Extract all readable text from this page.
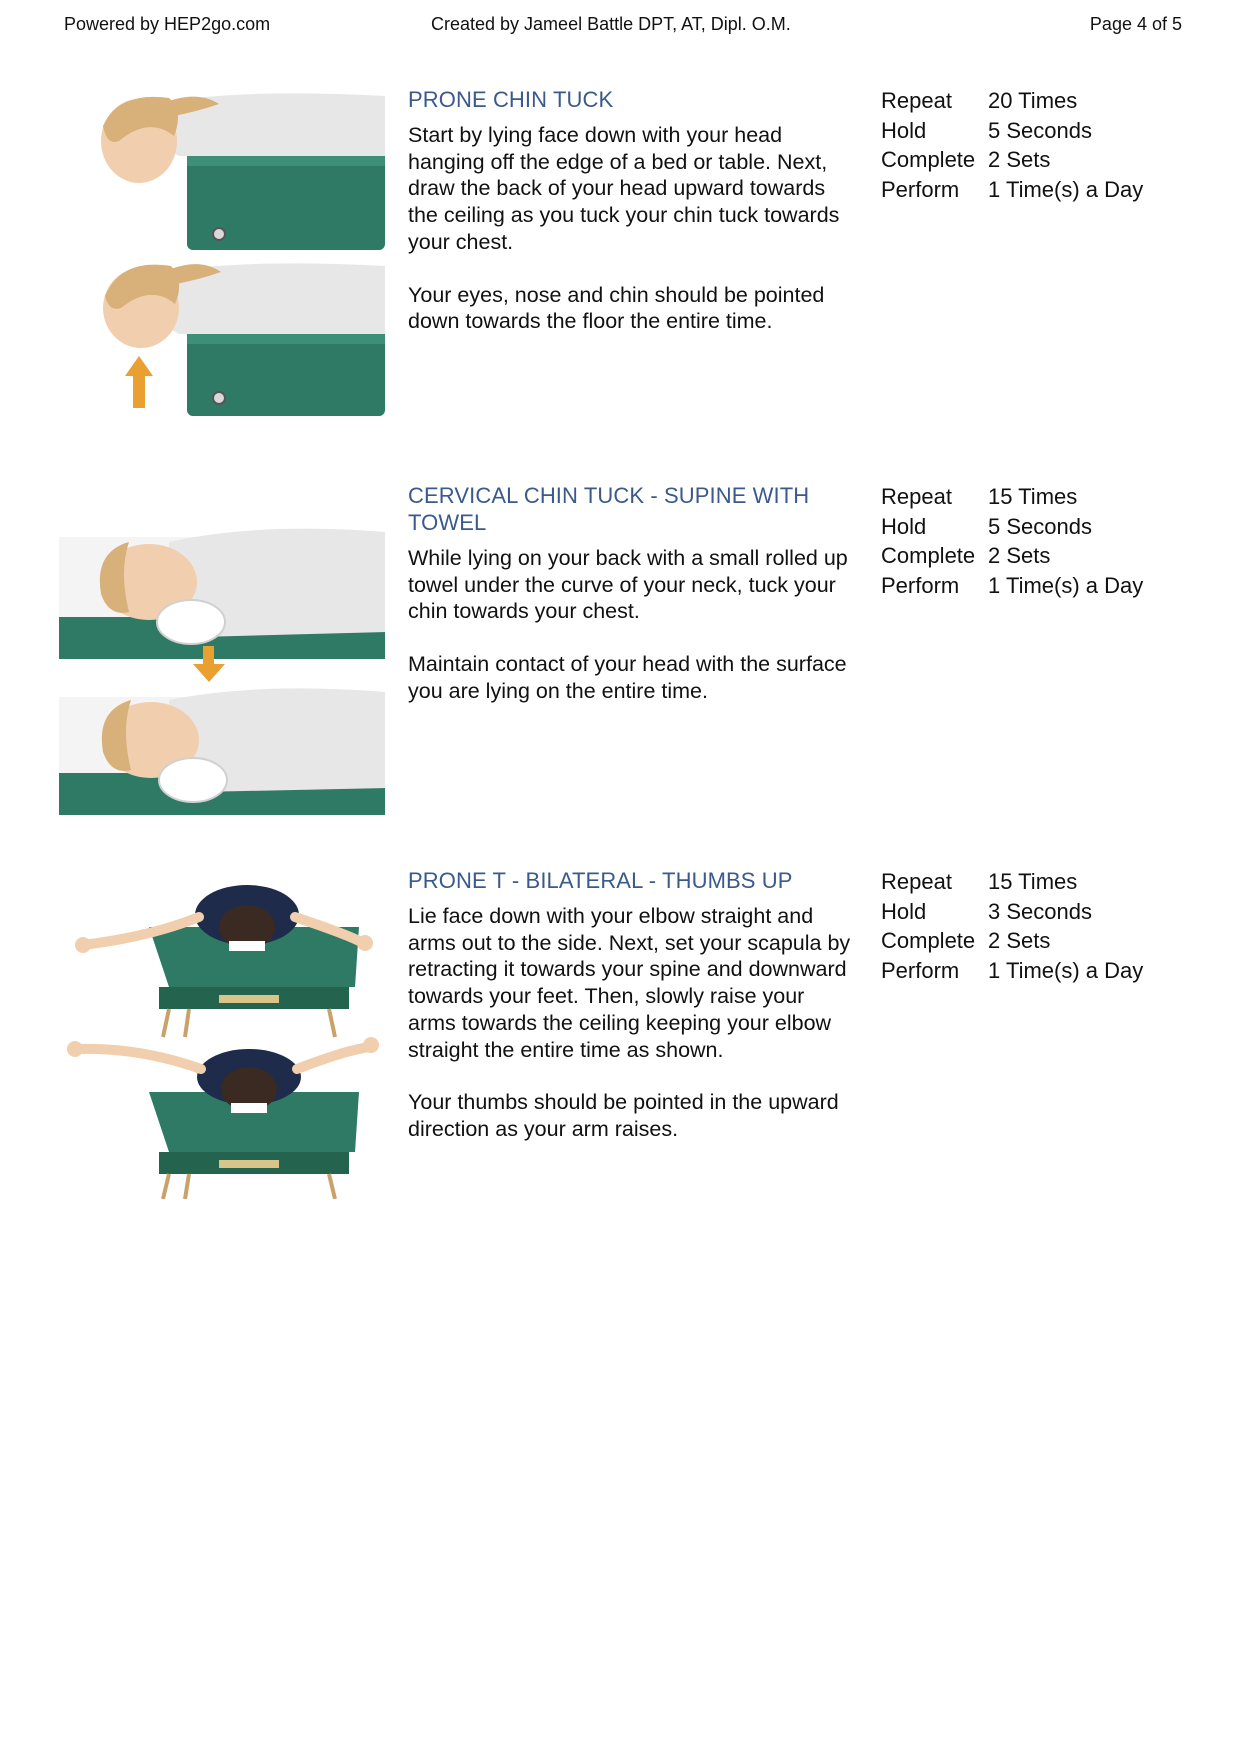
Powered by HEP2go.com	Created by Jameel Battle DPT, AT, Dipl. O.M.	Page 4 of 5
PRONE CHIN TUCK

Start by lying face down with your head hanging off the edge of a bed or table. Next, draw the back of your head upward towards the ceiling as you tuck your chin tuck towards your chest.

Your eyes, nose and chin should be pointed down towards the floor the entire time.

Repeat 20 Times
Hold	5 Seconds
Complete 2 Sets
Perform 1 Time(s) a Day
CERVICAL CHIN TUCK - SUPINE WITH TOWEL

While lying on your back with a small rolled up towel under the curve of your neck, tuck your chin towards your chest.

Maintain contact of your head with the surface you are lying on the entire time.

Repeat 15 Times
Hold	5 Seconds
Complete 2 Sets
Perform 1 Time(s) a Day
PRONE T - BILATERAL - THUMBS UP

Lie face down with your elbow straight and arms out to the side. Next, set your scapula by retracting it towards your spine and downward towards your feet. Then, slowly raise your arms towards the ceiling keeping your elbow straight the entire time as shown.

Your thumbs should be pointed in the upward direction as your arm raises.

Repeat 15 Times
Hold	3 Seconds
Complete 2 Sets
Perform 1 Time(s) a Day
